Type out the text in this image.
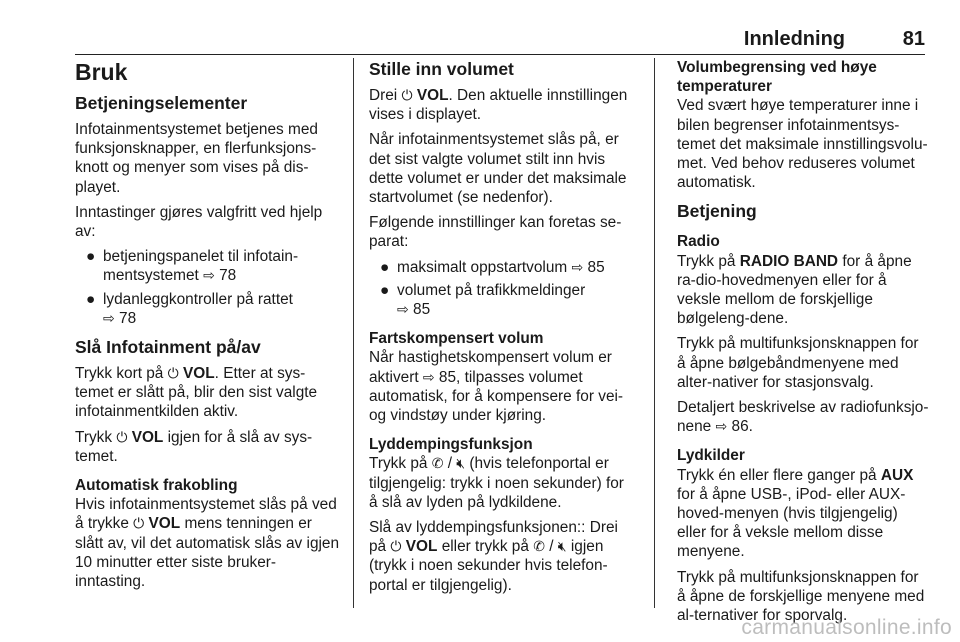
Innledning	81
Bruk
Betjeningselementer

Infotainmentsystemet betjenes med funksjonsknapper, en flerfunksjons-knott og menyer som vises på dis-playet.

Inntastinger gjøres valgfritt ved hjelp av:

● betjeningspanelet til infotain-mentsystemet ⇨ 78
● lydanleggkontroller på rattet
⇨ 78
Slå Infotainment på/av

Trykk kort på ⏻ VOL. Etter at sys-temet er slått på, blir den sist valgte infotainmentkilden aktiv.

Trykk ⏻ VOL igjen for å slå av sys-temet.

Automatisk frakobling

Hvis infotainmentsystemet slås på ved å trykke ⏻ VOL mens tenningen er slått av, vil det automatisk slås av igjen 10 minutter etter siste bruker-inntasting.

Stille inn volumet

Drei ⏻ VOL. Den aktuelle innstillingen vises i displayet.

Når infotainmentsystemet slås på, er det sist valgte volumet stilt inn hvis dette volumet er under det maksimale startvolumet (se nedenfor).

Følgende innstillinger kan foretas se-parat:

● maksimalt oppstartvolum ⇨ 85
● volumet på trafikkmeldinger
⇨ 85
Fartskompensert volum

Når hastighetskompensert volum er aktivert ⇨ 85, tilpasses volumet automatisk, for å kompensere for vei-og vindstøy under kjøring.

Lyddempingsfunksjon

Trykk på ✆ / 🔇︎ (hvis telefonportal er tilgjengelig: trykk i noen sekunder) for å slå av lyden på lydkildene.

Slå av lyddempingsfunksjonen:: Drei på ⏻ VOL eller trykk på ✆ / 🔇︎ igjen (trykk i noen sekunder hvis telefon-portal er tilgjengelig).

Volumbegrensing ved høye temperaturer

Ved svært høye temperaturer inne i bilen begrenser infotainmentsys-temet det maksimale innstillingsvolu-met. Ved behov reduseres volumet automatisk.

Betjening
Radio

Trykk på RADIO BAND for å åpne ra-dio-hovedmenyen eller for å veksle mellom de forskjellige bølgeleng-dene.

Trykk på multifunksjonsknappen for å åpne bølgebåndmenyene med alter-nativer for stasjonsvalg.

Detaljert beskrivelse av radiofunksjo-nene ⇨ 86.

Lydkilder

Trykk én eller flere ganger på AUX for å åpne USB-, iPod- eller AUX-hoved-menyen (hvis tilgjengelig) eller for å veksle mellom disse menyene.

Trykk på multifunksjonsknappen for å åpne de forskjellige menyene med al-ternativer for sporvalg.

carmanualsonline.info
